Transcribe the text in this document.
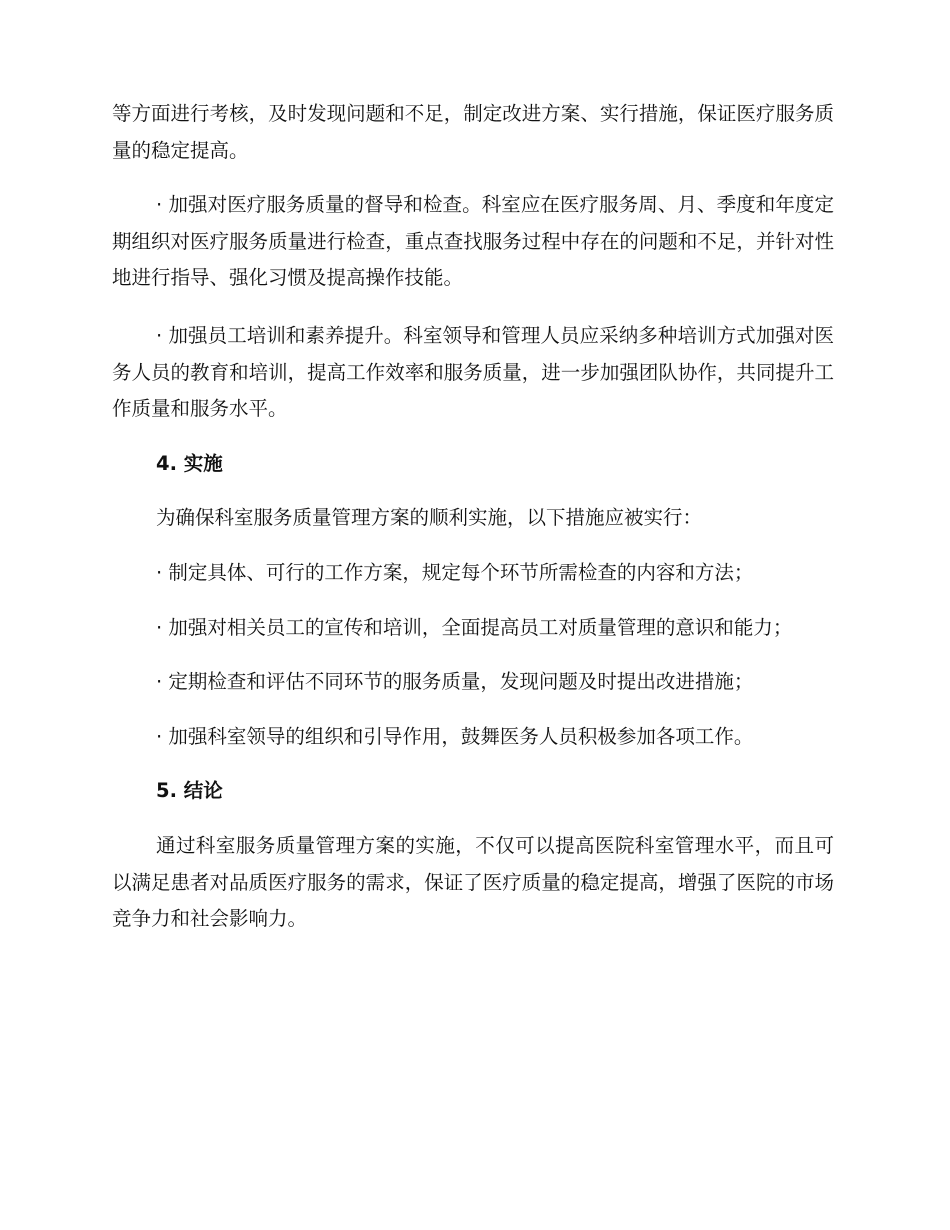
等方面进行考核，及时发现问题和不足，制定改进方案、实行措施，保证医疗服务质量的稳定提高。

· 加强对医疗服务质量的督导和检查。科室应在医疗服务周、月、季度和年度定期组织对医疗服务质量进行检查，重点查找服务过程中存在的问题和不足，并针对性地进行指导、强化习惯及提高操作技能。

· 加强员工培训和素养提升。科室领导和管理人员应采纳多种培训方式加强对医务人员的教育和培训，提高工作效率和服务质量，进一步加强团队协作，共同提升工作质量和服务水平。

4. 实施

为确保科室服务质量管理方案的顺利实施，以下措施应被实行：

· 制定具体、可行的工作方案，规定每个环节所需检查的内容和方法；

· 加强对相关员工的宣传和培训，全面提高员工对质量管理的意识和能力；

· 定期检查和评估不同环节的服务质量，发现问题及时提出改进措施；

· 加强科室领导的组织和引导作用，鼓舞医务人员积极参加各项工作。

5. 结论

通过科室服务质量管理方案的实施，不仅可以提高医院科室管理水平，而且可以满足患者对品质医疗服务的需求，保证了医疗质量的稳定提高，增强了医院的市场竞争力和社会影响力。
